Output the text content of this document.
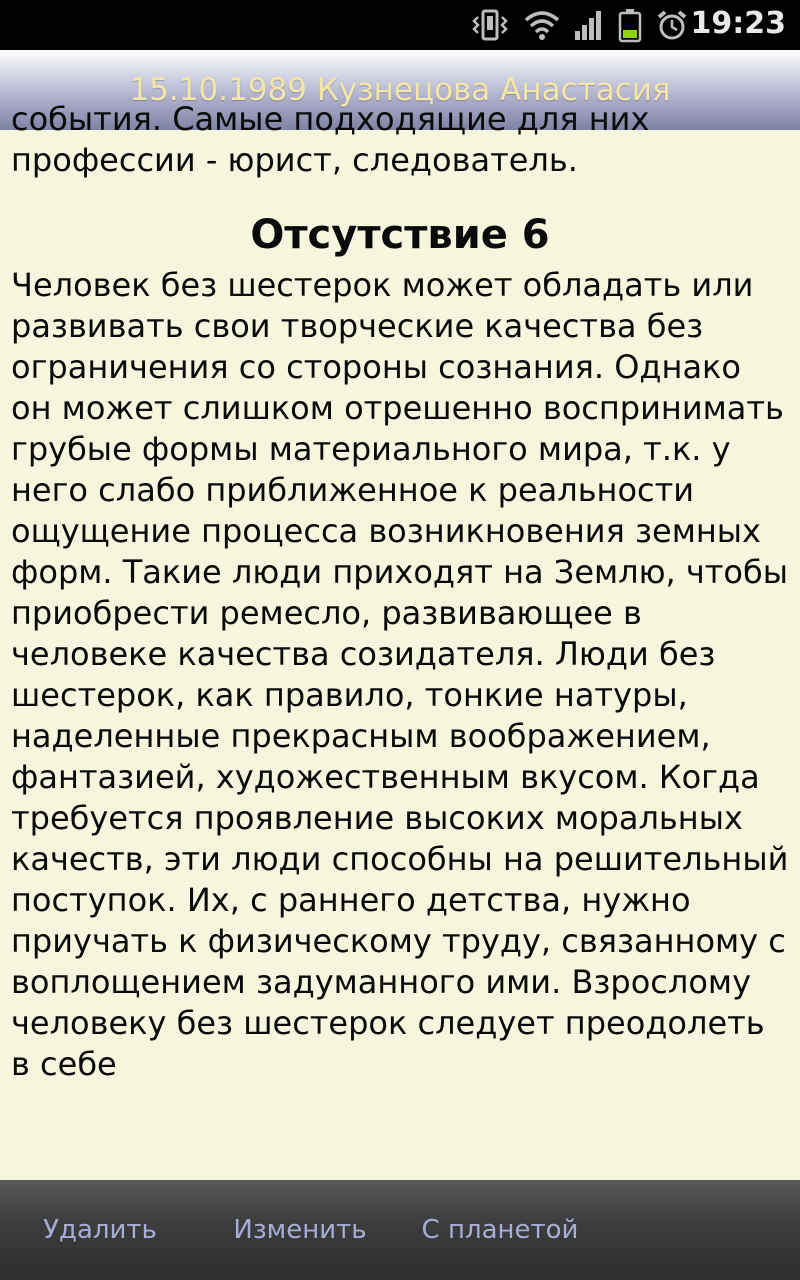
19:23
15.10.1989 Кузнецова Анастасия

события. Самые подходящие для них профессии - юрист, следователь.

Отсутствие 6

Человек без шестерок может обладать или развивать свои творческие качества без ограничения со стороны сознания. Однако он может слишком отрешенно воспринимать грубые формы материального мира, т.к. у него слабо приближенное к реальности ощущение процесса возникновения земных форм. Такие люди приходят на Землю, чтобы приобрести ремесло, развивающее в человеке качества созидателя. Люди без шестерок, как правило, тонкие натуры, наделенные прекрасным воображением, фантазией, художественным вкусом. Когда требуется проявление высоких моральных качеств, эти люди способны на решительный поступок. Их, с раннего детства, нужно приучать к физическому труду, связанному с воплощением задуманного ими. Взрослому человеку без шестерок следует преодолеть в себе

Удалить	Изменить	С планетой
